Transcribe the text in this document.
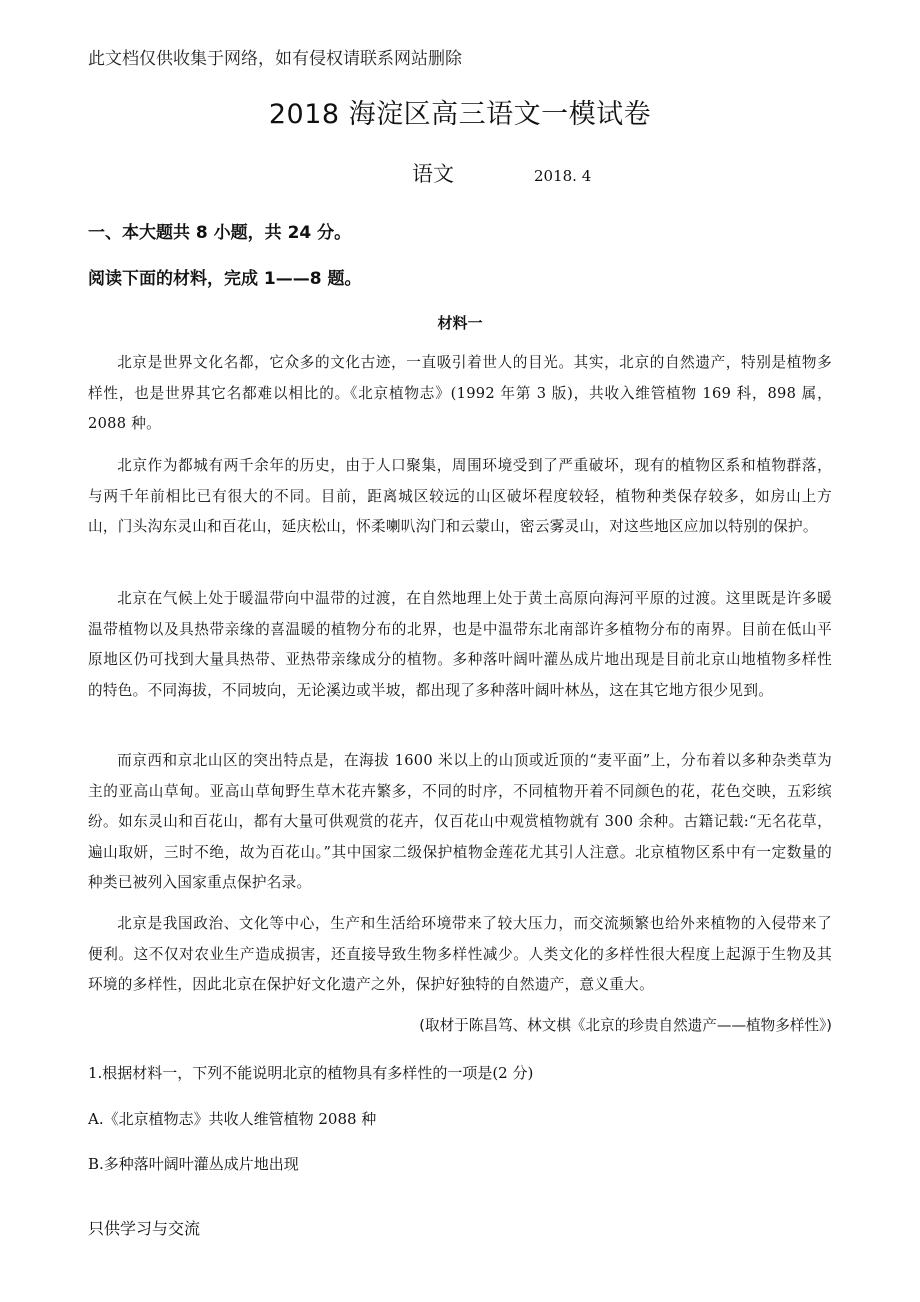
此文档仅供收集于网络，如有侵权请联系网站删除
2018 海淀区高三语文一模试卷
语文	2018. 4
一、本大题共 8 小题，共 24 分。
阅读下面的材料，完成 1——8 题。
材料一
北京是世界文化名都，它众多的文化古迹，一直吸引着世人的目光。其实，北京的自然遗产，特别是植物多样性，也是世界其它名都难以相比的。《北京植物志》(1992 年第 3 版)，共收入维管植物 169 科，898 属，2088 种。
北京作为都城有两千余年的历史，由于人口聚集，周围环境受到了严重破坏，现有的植物区系和植物群落，与两千年前相比已有很大的不同。目前，距离城区较远的山区破坏程度较轻，植物种类保存较多，如房山上方山，门头沟东灵山和百花山，延庆松山，怀柔喇叭沟门和云蒙山，密云雾灵山，对这些地区应加以特别的保护。
北京在气候上处于暖温带向中温带的过渡，在自然地理上处于黄土高原向海河平原的过渡。这里既是许多暖温带植物以及具热带亲缘的喜温暖的植物分布的北界，也是中温带东北南部许多植物分布的南界。目前在低山平原地区仍可找到大量具热带、亚热带亲缘成分的植物。多种落叶阔叶灌丛成片地出现是目前北京山地植物多样性的特色。不同海拔，不同坡向，无论溪边或半坡，都出现了多种落叶阔叶林丛，这在其它地方很少见到。
而京西和京北山区的突出特点是，在海拔 1600 米以上的山顶或近顶的“麦平面”上，分布着以多种杂类草为主的亚高山草甸。亚高山草甸野生草木花卉繁多，不同的时序，不同植物开着不同颜色的花，花色交映，五彩缤纷。如东灵山和百花山，都有大量可供观赏的花卉，仅百花山中观赏植物就有 300 余种。古籍记载:“无名花草，遍山取妍，三时不绝，故为百花山。”其中国家二级保护植物金莲花尤其引人注意。北京植物区系中有一定数量的种类已被列入国家重点保护名录。
北京是我国政治、文化等中心，生产和生活给环境带来了较大压力，而交流频繁也给外来植物的入侵带来了便利。这不仅对农业生产造成损害，还直接导致生物多样性减少。人类文化的多样性很大程度上起源于生物及其环境的多样性，因此北京在保护好文化遗产之外，保护好独特的自然遗产，意义重大。
(取材于陈昌笃、林文棋《北京的珍贵自然遗产——植物多样性》)
1.根据材料一，下列不能说明北京的植物具有多样性的一项是(2 分)
A.《北京植物志》共收人维管植物 2088 种
B.多种落叶阔叶灌丛成片地出现
只供学习与交流
